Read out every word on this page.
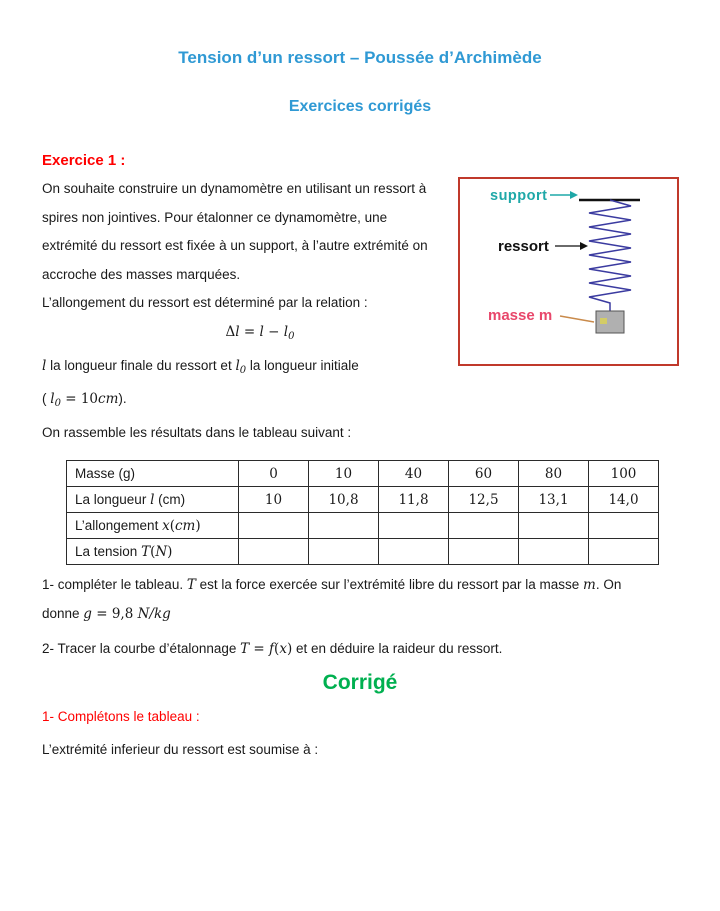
Tension d’un ressort – Poussée d’Archimède
Exercices corrigés
Exercice 1 :
On souhaite construire un dynamomètre en utilisant un ressort à
spires non jointives. Pour étalonner ce dynamomètre, une
extrémité du ressort est fixée à un support, à l’autre extrémité on
accroche des masses marquées.
L’allongement du ressort est déterminé par la relation :
$\Delta l = l - l_0$
l la longueur finale du ressort et $l_0$ la longueur initiale
( $l_0 = 10cm$).
On rassemble les résultats dans le tableau suivant :
Masse (g)	0	10	40	60	80	100
La longueur l (cm)	10	10,8	11,8	12,5	13,1	14,0
L’allongement x(cm)						
La tension T(N)						
1- compléter le tableau. T est la force exercée sur l’extrémité libre du ressort par la masse m. On
donne g = 9,8 N/kg
2- Tracer la courbe d’étalonnage T = f(x) et en déduire la raideur du ressort.
Corrigé
1- Complétons le tableau :
L’extrémité inferieur du ressort est soumise à :
support
ressort
masse m
